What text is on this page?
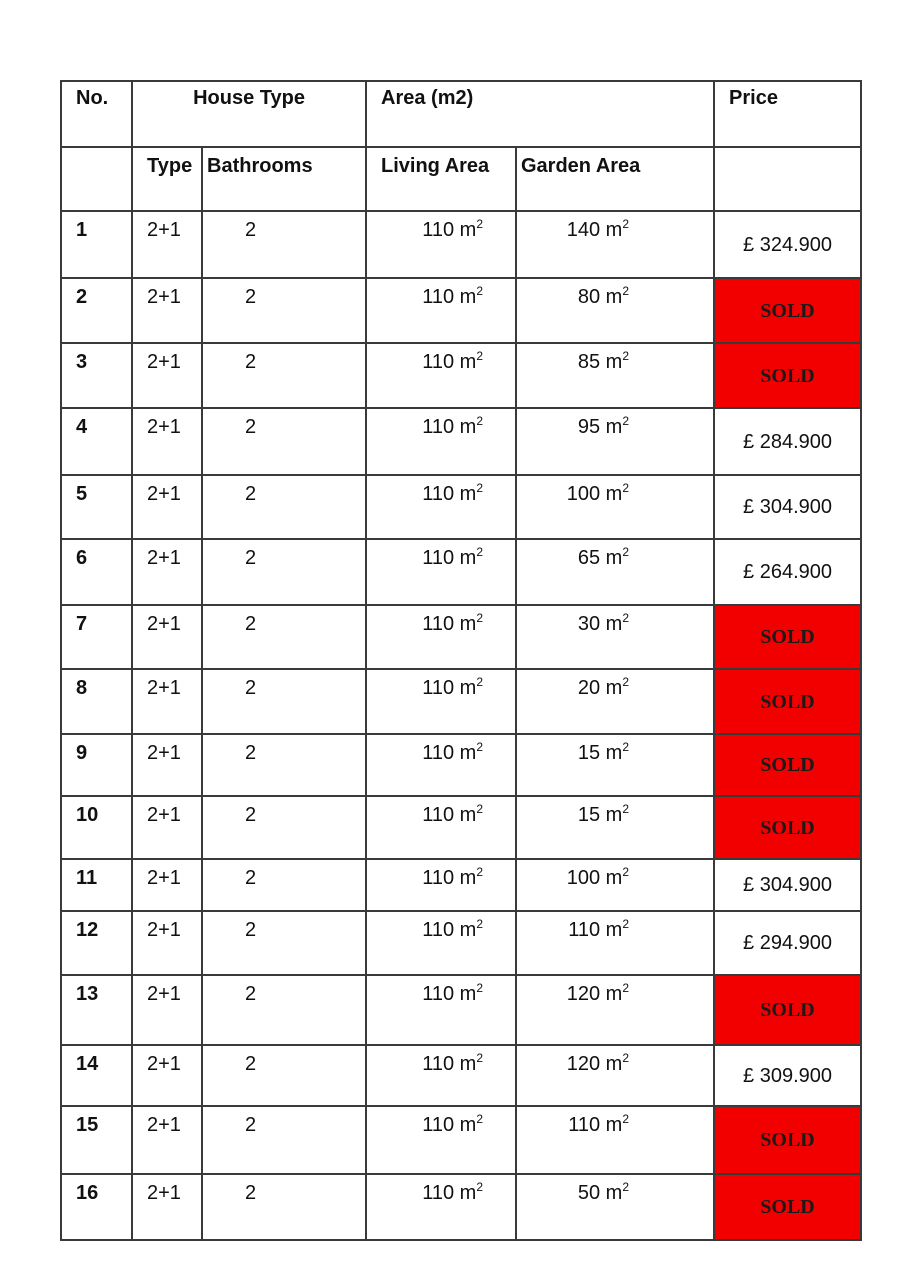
No.	House Type		Area (m2)		Price
	Type	Bathrooms	Living Area	Garden Area	
1	2+1	2	110 $m^2$	140 $m^2$	£ 324.900
2	2+1	2	110 $m^2$	80 $m^2$	SOLD
3	2+1	2	110 $m^2$	85 $m^2$	SOLD
4	2+1	2	110 $m^2$	95 $m^2$	£ 284.900
5	2+1	2	110 $m^2$	100 $m^2$	£ 304.900
6	2+1	2	110 $m^2$	65 $m^2$	£ 264.900
7	2+1	2	110 $m^2$	30 $m^2$	SOLD
8	2+1	2	110 $m^2$	20 $m^2$	SOLD
9	2+1	2	110 $m^2$	15 $m^2$	SOLD
10	2+1	2	110 $m^2$	15 $m^2$	SOLD
11	2+1	2	110 $m^2$	100 $m^2$	£ 304.900
12	2+1	2	110 $m^2$	110 $m^2$	£ 294.900
13	2+1	2	110 $m^2$	120 $m^2$	SOLD
14	2+1	2	110 $m^2$	120 $m^2$	£ 309.900
15	2+1	2	110 $m^2$	110 $m^2$	SOLD
16	2+1	2	110 $m^2$	50 $m^2$	SOLD
